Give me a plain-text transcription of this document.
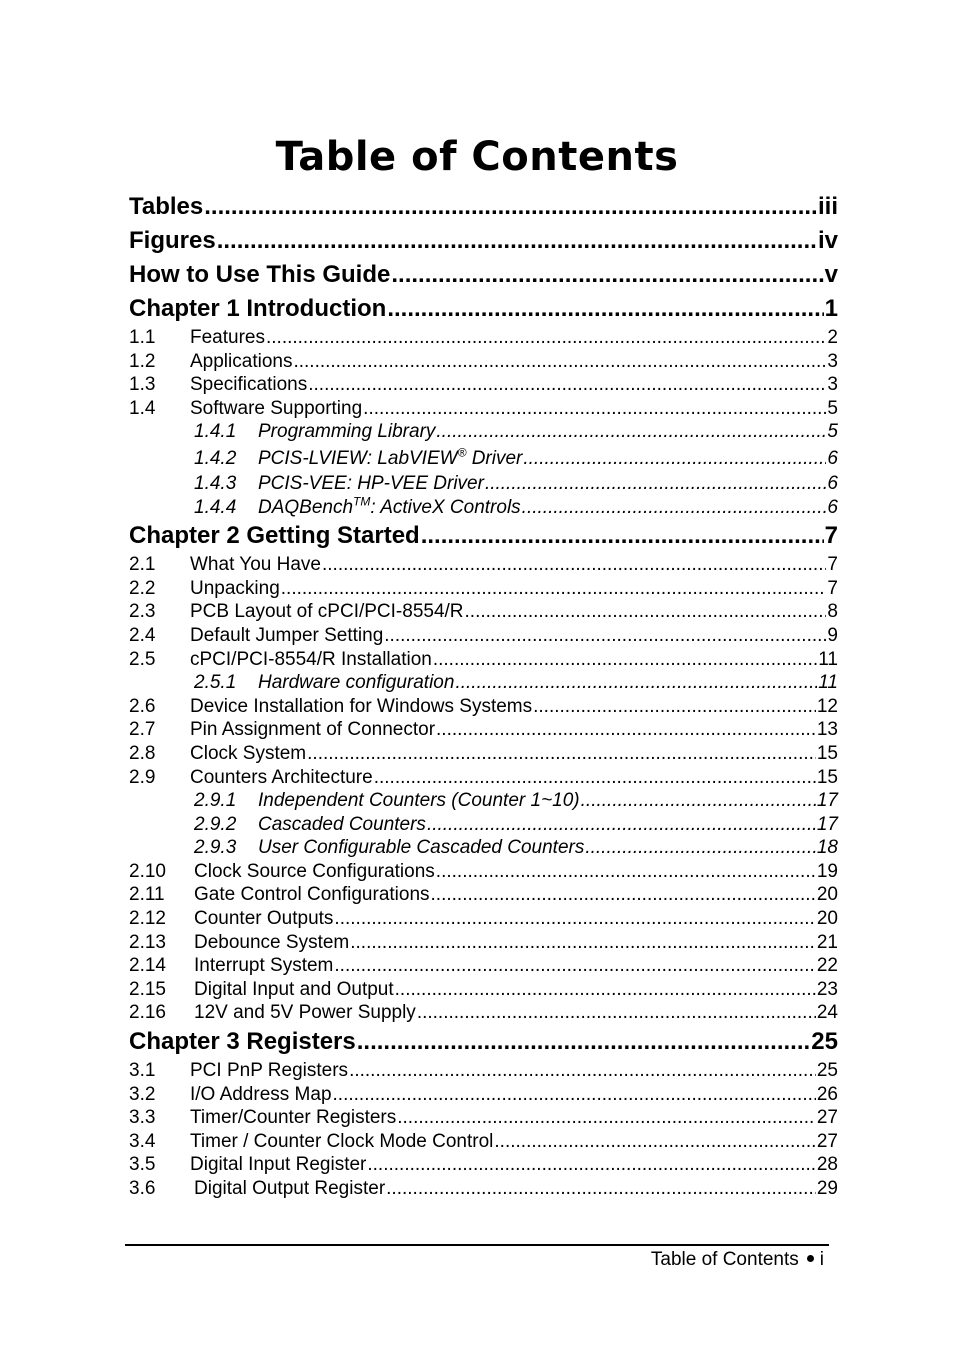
Table of Contents
Tables .....	iii
Figures .....	iv
How to Use This Guide .....	v
Chapter 1 Introduction .....	1
1.1	Features .....	2
1.2	Applications .....	3
1.3	Specifications .....	3
1.4	Software Supporting .....	5
1.4.1	Programming Library .....	5
1.4.2	PCIS-LVIEW: LabVIEW® Driver .....	6
1.4.3	PCIS-VEE: HP-VEE Driver .....	6
1.4.4	DAQBench™: ActiveX Controls .....	6
Chapter 2 Getting Started .....	7
2.1	What You Have .....	7
2.2	Unpacking .....	7
2.3	PCB Layout of cPCI/PCI-8554/R .....	8
2.4	Default Jumper Setting .....	9
2.5	cPCI/PCI-8554/R Installation .....	11
2.5.1	Hardware configuration .....	11
2.6	Device Installation for Windows Systems .....	12
2.7	Pin Assignment of Connector .....	13
2.8	Clock System .....	15
2.9	Counters Architecture .....	15
2.9.1	Independent Counters (Counter 1~10) .....	17
2.9.2	Cascaded Counters .....	17
2.9.3	User Configurable Cascaded Counters .....	18
2.10	Clock Source Configurations .....	19
2.11	Gate Control Configurations .....	20
2.12	Counter Outputs .....	20
2.13	Debounce System .....	21
2.14	Interrupt System .....	22
2.15	Digital Input and Output .....	23
2.16	12V and 5V Power Supply .....	24
Chapter 3 Registers .....	25
3.1	PCI PnP Registers .....	25
3.2	I/O Address Map .....	26
3.3	Timer/Counter Registers .....	27
3.4	Timer / Counter Clock Mode Control .....	27
3.5	Digital Input Register .....	28
3.6	Digital Output Register .....	29
Table of Contents i
